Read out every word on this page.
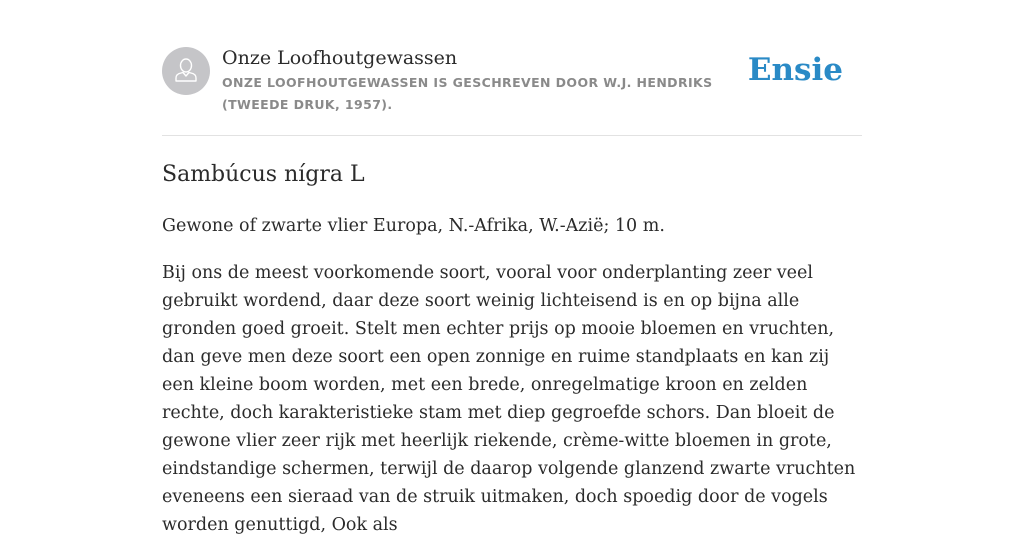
Onze Loofhoutgewassen
ONZE LOOFHOUTGEWASSEN IS GESCHREVEN DOOR W.J. HENDRIKS (TWEEDE DRUK, 1957).
Ensie
Sambúcus nígra L

Gewone of zwarte vlier Europa, N.-Afrika, W.-Azië; 10 m.

Bij ons de meest voorkomende soort, vooral voor onderplanting zeer veel gebruikt wordend, daar deze soort weinig lichteisend is en op bijna alle gronden goed groeit. Stelt men echter prijs op mooie bloemen en vruchten, dan geve men deze soort een open zonnige en ruime standplaats en kan zij een kleine boom worden, met een brede, onregelmatige kroon en zelden rechte, doch karakteristieke stam met diep gegroefde schors. Dan bloeit de gewone vlier zeer rijk met heerlijk riekende, crème-witte bloemen in grote, eindstandige schermen, terwijl de daarop volgende glanzend zwarte vruchten eveneens een sieraad van de struik uitmaken, doch spoedig door de vogels worden genuttigd, Ook als
